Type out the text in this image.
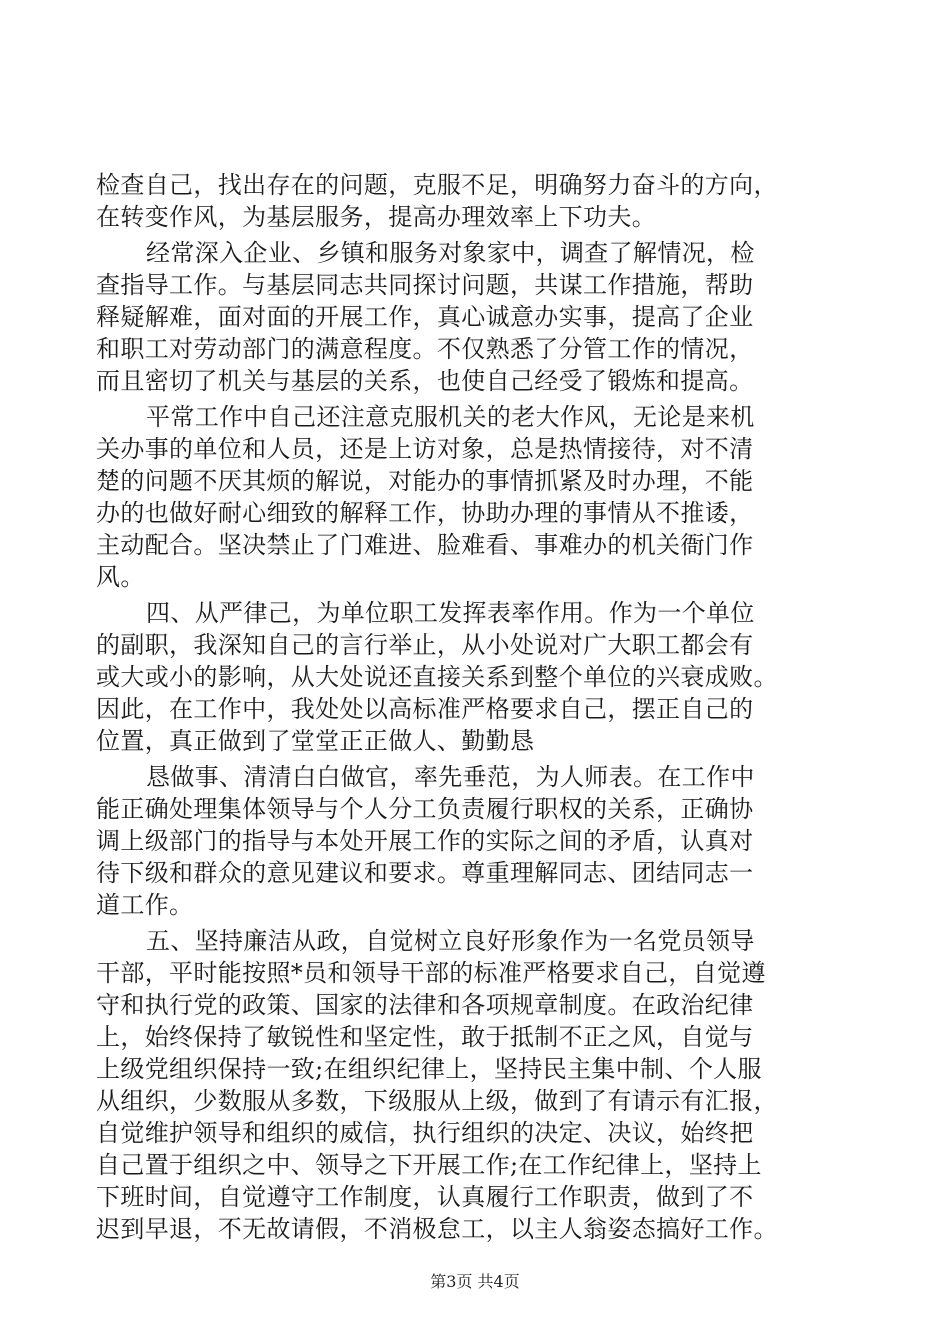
检查自己，找出存在的问题，克服不足，明确努力奋斗的方向，
在转变作风，为基层服务，提高办理效率上下功夫。
经常深入企业、乡镇和服务对象家中，调查了解情况，检
查指导工作。与基层同志共同探讨问题，共谋工作措施，帮助
释疑解难，面对面的开展工作，真心诚意办实事，提高了企业
和职工对劳动部门的满意程度。不仅熟悉了分管工作的情况，
而且密切了机关与基层的关系，也使自己经受了锻炼和提高。
平常工作中自己还注意克服机关的老大作风，无论是来机
关办事的单位和人员，还是上访对象，总是热情接待，对不清
楚的问题不厌其烦的解说，对能办的事情抓紧及时办理，不能
办的也做好耐心细致的解释工作，协助办理的事情从不推诿，
主动配合。坚决禁止了门难进、脸难看、事难办的机关衙门作
风。
四、从严律己，为单位职工发挥表率作用。作为一个单位
的副职，我深知自己的言行举止，从小处说对广大职工都会有
或大或小的影响，从大处说还直接关系到整个单位的兴衰成败。
因此，在工作中，我处处以高标准严格要求自己，摆正自己的
位置，真正做到了堂堂正正做人、勤勤恳
恳做事、清清白白做官，率先垂范，为人师表。在工作中
能正确处理集体领导与个人分工负责履行职权的关系，正确协
调上级部门的指导与本处开展工作的实际之间的矛盾，认真对
待下级和群众的意见建议和要求。尊重理解同志、团结同志一
道工作。
五、坚持廉洁从政，自觉树立良好形象作为一名党员领导
干部，平时能按照*员和领导干部的标准严格要求自己，自觉遵
守和执行党的政策、国家的法律和各项规章制度。在政治纪律
上，始终保持了敏锐性和坚定性，敢于抵制不正之风，自觉与
上级党组织保持一致;在组织纪律上，坚持民主集中制、个人服
从组织，少数服从多数，下级服从上级，做到了有请示有汇报，
自觉维护领导和组织的威信，执行组织的决定、决议，始终把
自己置于组织之中、领导之下开展工作;在工作纪律上，坚持上
下班时间，自觉遵守工作制度，认真履行工作职责，做到了不
迟到早退，不无故请假，不消极怠工，以主人翁姿态搞好工作。
第3页 共4页
